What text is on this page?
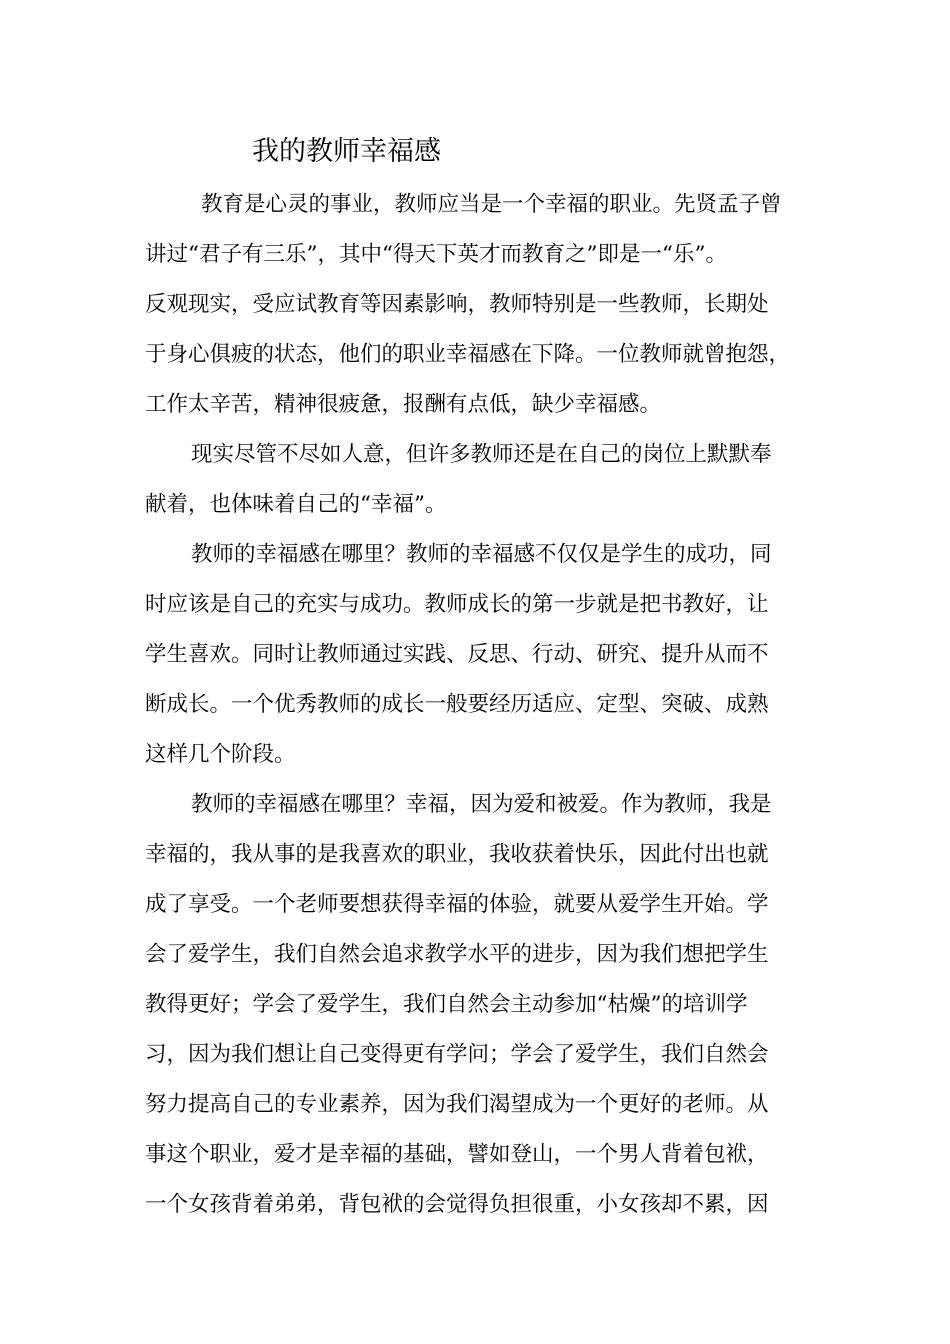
我的教师幸福感

教育是心灵的事业，教师应当是一个幸福的职业。先贤孟子曾

讲过“君子有三乐”，其中“得天下英才而教育之”即是一“乐”。

反观现实，受应试教育等因素影响，教师特别是一些教师，长期处

于身心俱疲的状态，他们的职业幸福感在下降。一位教师就曾抱怨，

工作太辛苦，精神很疲惫，报酬有点低，缺少幸福感。

现实尽管不尽如人意，但许多教师还是在自己的岗位上默默奉

献着，也体味着自己的“幸福”。

教师的幸福感在哪里？教师的幸福感不仅仅是学生的成功，同

时应该是自己的充实与成功。教师成长的第一步就是把书教好，让

学生喜欢。同时让教师通过实践、反思、行动、研究、提升从而不

断成长。一个优秀教师的成长一般要经历适应、定型、突破、成熟

这样几个阶段。

教师的幸福感在哪里？幸福，因为爱和被爱。作为教师，我是

幸福的，我从事的是我喜欢的职业，我收获着快乐，因此付出也就

成了享受。一个老师要想获得幸福的体验，就要从爱学生开始。学

会了爱学生，我们自然会追求教学水平的进步，因为我们想把学生

教得更好；学会了爱学生，我们自然会主动参加“枯燥”的培训学

习，因为我们想让自己变得更有学问；学会了爱学生，我们自然会

努力提高自己的专业素养，因为我们渴望成为一个更好的老师。从

事这个职业，爱才是幸福的基础，譬如登山，一个男人背着包袱，

一个女孩背着弟弟，背包袱的会觉得负担很重，小女孩却不累，因
